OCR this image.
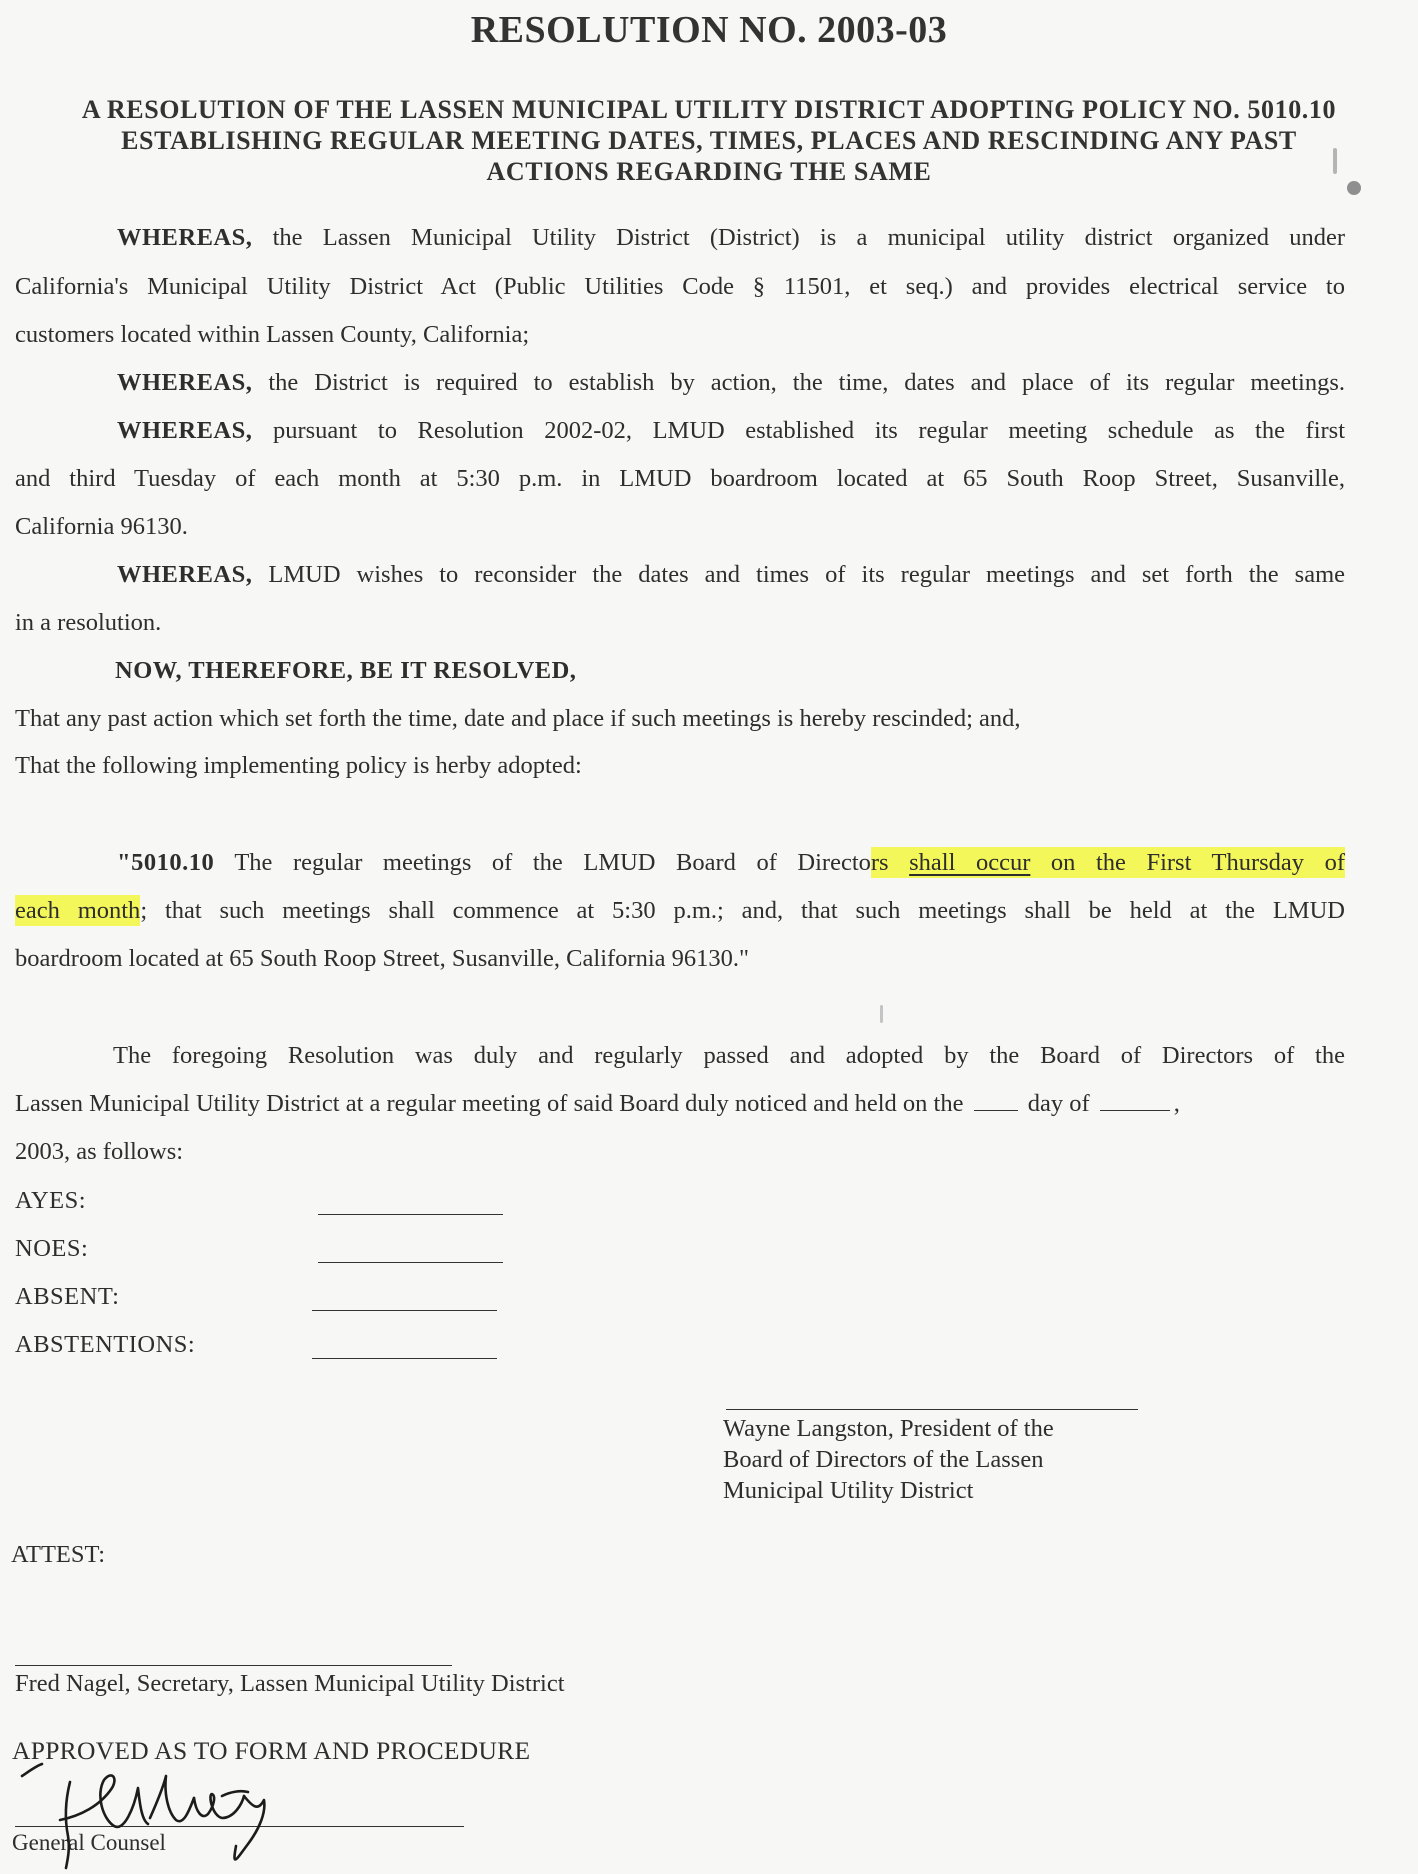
RESOLUTION NO. 2003-03
A RESOLUTION OF THE LASSEN MUNICIPAL UTILITY DISTRICT ADOPTING POLICY NO. 5010.10
ESTABLISHING REGULAR MEETING DATES, TIMES, PLACES AND RESCINDING ANY PAST
ACTIONS REGARDING THE SAME
WHEREAS, the Lassen Municipal Utility District (District) is a municipal utility district organized under
California's Municipal Utility District Act (Public Utilities Code § 11501, et seq.) and provides electrical service to
customers located within Lassen County, California;
WHEREAS, the District is required to establish by action, the time, dates and place of its regular meetings.
WHEREAS, pursuant to Resolution 2002-02, LMUD established its regular meeting schedule as the first
and third Tuesday of each month at 5:30 p.m. in LMUD boardroom located at 65 South Roop Street, Susanville,
California 96130.
WHEREAS, LMUD wishes to reconsider the dates and times of its regular meetings and set forth the same
in a resolution.
NOW, THEREFORE, BE IT RESOLVED,
That any past action which set forth the time, date and place if such meetings is hereby rescinded; and,
That the following implementing policy is herby adopted:
"5010.10 The regular meetings of the LMUD Board of Directors shall occur on the First Thursday of
each month; that such meetings shall commence at 5:30 p.m.; and, that such meetings shall be held at the LMUD
boardroom located at 65 South Roop Street, Susanville, California 96130."
The foregoing Resolution was duly and regularly passed and adopted by the Board of Directors of the
Lassen Municipal Utility District at a regular meeting of said Board duly noticed and held on the	day of	,
2003, as follows:
AYES:
NOES:
ABSENT:
ABSTENTIONS:
Wayne Langston, President of the
Board of Directors of the Lassen
Municipal Utility District
ATTEST:
Fred Nagel, Secretary, Lassen Municipal Utility District
APPROVED AS TO FORM AND PROCEDURE
General Counsel
